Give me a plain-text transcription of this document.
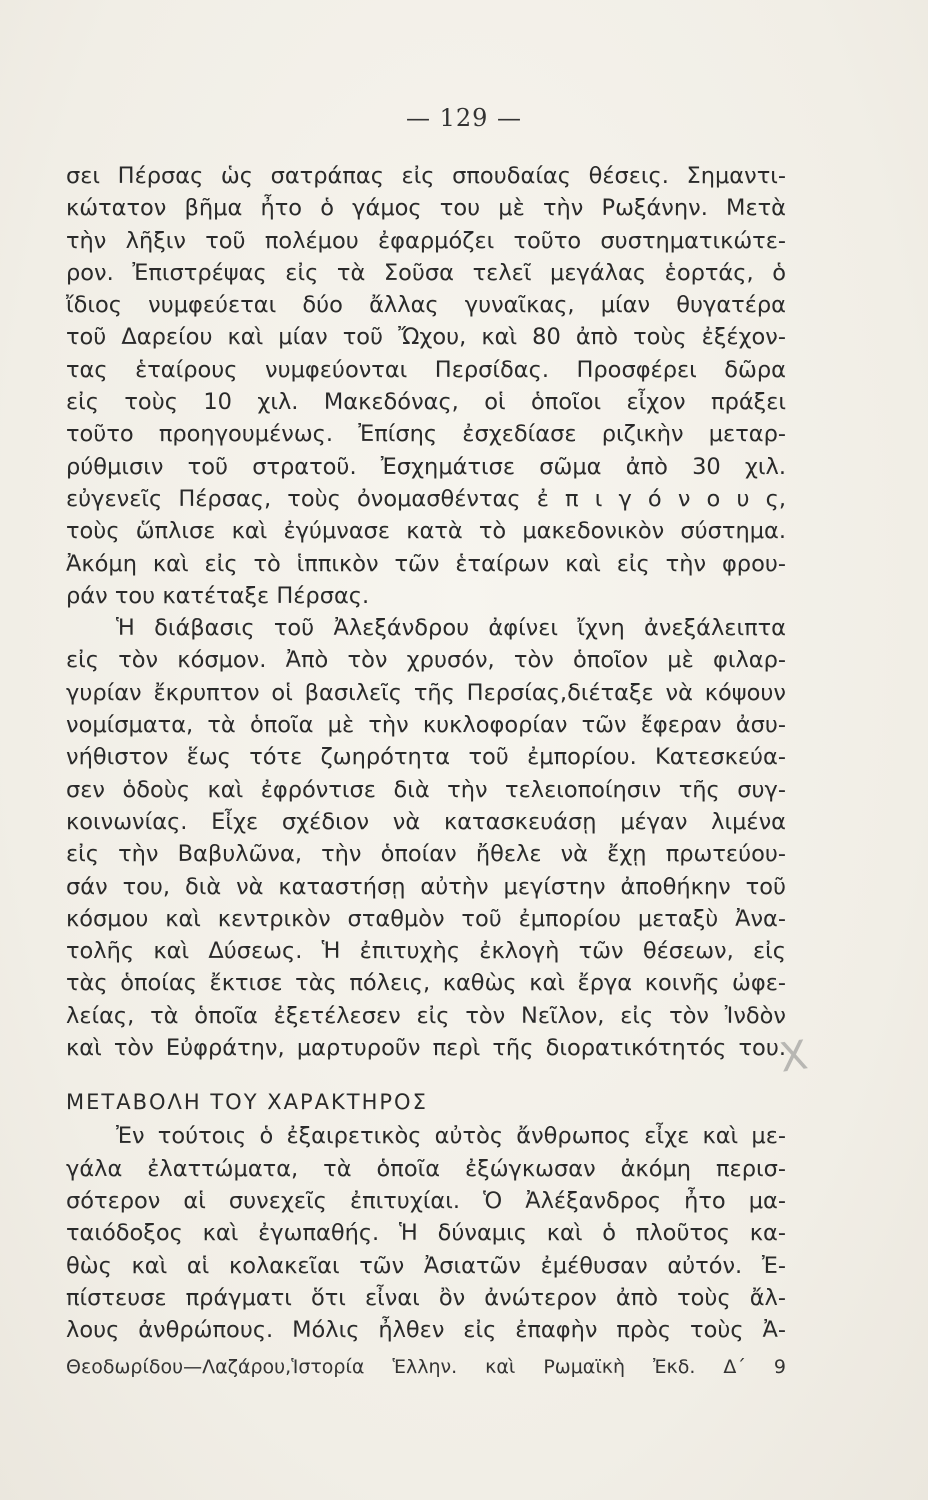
— 129 —
σει Πέρσας ὡς σατράπας εἰς σπουδαίας θέσεις. Σημαντι-
κώτατον βῆμα ἦτο ὁ γάμος του μὲ τὴν Ρωξάνην. Μετὰ
τὴν λῆξιν τοῦ πολέμου ἐφαρμόζει τοῦτο συστηματικώτε-
ρον. Ἐπιστρέψας εἰς τὰ Σοῦσα τελεῖ μεγάλας ἑορτάς, ὁ
ἴδιος νυμφεύεται δύο ἄλλας γυναῖκας, μίαν θυγατέρα
τοῦ Δαρείου καὶ μίαν τοῦ Ὤχου, καὶ 80 ἀπὸ τοὺς ἐξέχον-
τας ἑταίρους νυμφεύονται Περσίδας. Προσφέρει δῶρα
εἰς τοὺς 10 χιλ. Μακεδόνας, οἱ ὁποῖοι εἶχον πράξει
τοῦτο προηγουμένως. Ἐπίσης ἐσχεδίασε ριζικὴν μεταρ-
ρύθμισιν τοῦ στρατοῦ. Ἐσχημάτισε σῶμα ἀπὸ 30 χιλ.
εὐγενεῖς Πέρσας, τοὺς ὀνομασθέντας ἐ π ι γ ό ν ο υ ς,
τοὺς ὥπλισε καὶ ἐγύμνασε κατὰ τὸ μακεδονικὸν σύστημα.
Ἀκόμη καὶ εἰς τὸ ἱππικὸν τῶν ἑταίρων καὶ εἰς τὴν φρου-
ράν του κατέταξε Πέρσας.
Ἡ διάβασις τοῦ Ἀλεξάνδρου ἀφίνει ἴχνη ἀνεξάλειπτα
εἰς τὸν κόσμον. Ἀπὸ τὸν χρυσόν, τὸν ὁποῖον μὲ φιλαρ-
γυρίαν ἔκρυπτον οἱ βασιλεῖς τῆς Περσίας,διέταξε νὰ κόψουν
νομίσματα, τὰ ὁποῖα μὲ τὴν κυκλοφορίαν τῶν ἔφεραν ἀσυ-
νήθιστον ἕως τότε ζωηρότητα τοῦ ἐμπορίου. Κατεσκεύα-
σεν ὁδοὺς καὶ ἐφρόντισε διὰ τὴν τελειοποίησιν τῆς συγ-
κοινωνίας. Εἶχε σχέδιον νὰ κατασκευάσῃ μέγαν λιμένα
εἰς τὴν Βαβυλῶνα, τὴν ὁποίαν ἤθελε νὰ ἔχῃ πρωτεύου-
σάν του, διὰ νὰ καταστήσῃ αὐτὴν μεγίστην ἀποθήκην τοῦ
κόσμου καὶ κεντρικὸν σταθμὸν τοῦ ἐμπορίου μεταξὺ Ἀνα-
τολῆς καὶ Δύσεως. Ἡ ἐπιτυχὴς ἐκλογὴ τῶν θέσεων, εἰς
τὰς ὁποίας ἔκτισε τὰς πόλεις, καθὼς καὶ ἔργα κοινῆς ὠφε-
λείας, τὰ ὁποῖα ἐξετέλεσεν εἰς τὸν Νεῖλον, εἰς τὸν Ἰνδὸν
καὶ τὸν Εὐφράτην, μαρτυροῦν περὶ τῆς διορατικότητός του.
ΜΕΤΑΒΟΛΗ ΤΟΥ ΧΑΡΑΚΤΗΡΟΣ
Ἐν τούτοις ὁ ἐξαιρετικὸς αὐτὸς ἄνθρωπος εἶχε καὶ με-
γάλα ἐλαττώματα, τὰ ὁποῖα ἐξώγκωσαν ἀκόμη περισ-
σότερον αἱ συνεχεῖς ἐπιτυχίαι. Ὁ Ἀλέξανδρος ἦτο μα-
ταιόδοξος καὶ ἐγωπαθής. Ἡ δύναμις καὶ ὁ πλοῦτος κα-
θὼς καὶ αἱ κολακεῖαι τῶν Ἀσιατῶν ἐμέθυσαν αὐτόν. Ἐ-
πίστευσε πράγματι ὅτι εἶναι ὂν ἀνώτερον ἀπὸ τοὺς ἄλ-
λους ἀνθρώπους. Μόλις ἦλθεν εἰς ἐπαφὴν πρὸς τοὺς Ἀ-
Θεοδωρίδου—Λαζάρου,Ἱστορία Ἑλλην. καὶ Ρωμαϊκὴ Ἐκδ. Δ΄ 9
X
